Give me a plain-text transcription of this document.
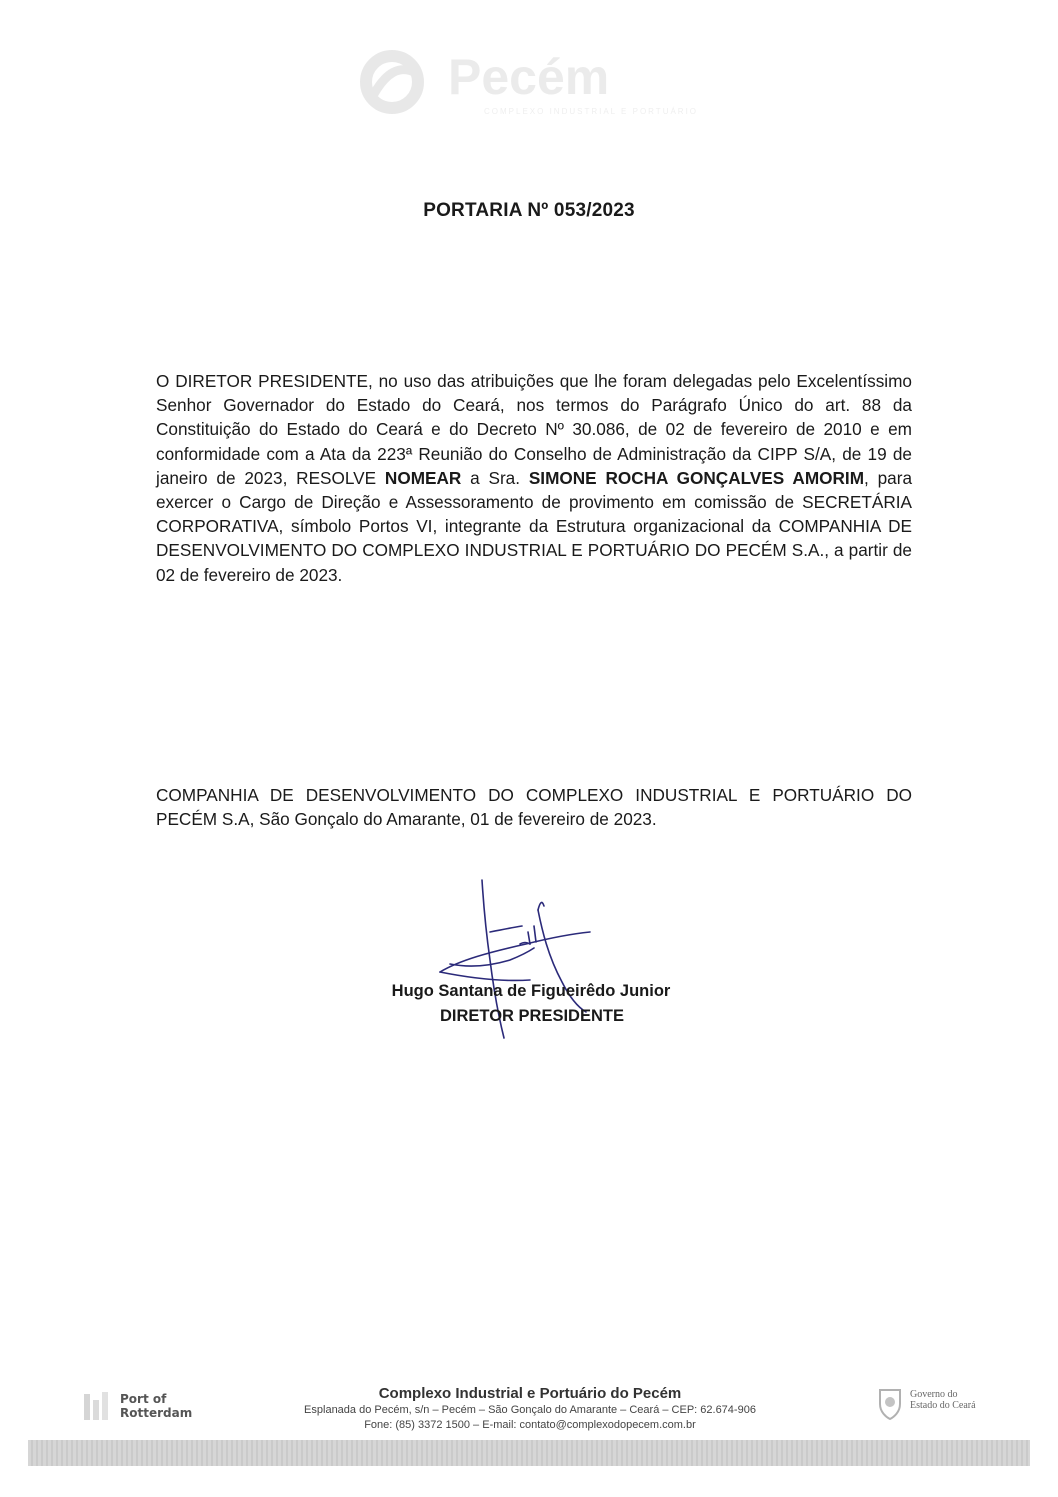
Pecém
COMPLEXO INDUSTRIAL E PORTUÁRIO
PORTARIA Nº 053/2023
O DIRETOR PRESIDENTE, no uso das atribuições que lhe foram delegadas pelo Excelentíssimo Senhor Governador do Estado do Ceará, nos termos do Parágrafo Único do art. 88 da Constituição do Estado do Ceará e do Decreto Nº 30.086, de 02 de fevereiro de 2010 e em conformidade com a Ata da 223ª Reunião do Conselho de Administração da CIPP S/A, de 19 de janeiro de 2023, RESOLVE NOMEAR a Sra. SIMONE ROCHA GONÇALVES AMORIM, para exercer o Cargo de Direção e Assessoramento de provimento em comissão de SECRETÁRIA CORPORATIVA, símbolo Portos VI, integrante da Estrutura organizacional da COMPANHIA DE DESENVOLVIMENTO DO COMPLEXO INDUSTRIAL E PORTUÁRIO DO PECÉM S.A., a partir de 02 de fevereiro de 2023.
COMPANHIA DE DESENVOLVIMENTO DO COMPLEXO INDUSTRIAL E PORTUÁRIO DO PECÉM S.A, São Gonçalo do Amarante, 01 de fevereiro de 2023.
Hugo Santana de Figueirêdo Junior
DIRETOR PRESIDENTE
Port of
Rotterdam
Complexo Industrial e Portuário do Pecém
Esplanada do Pecém, s/n – Pecém – São Gonçalo do Amarante – Ceará – CEP: 62.674-906
Fone: (85) 3372 1500 – E-mail: contato@complexodopecem.com.br
Governo do
Estado do Ceará
